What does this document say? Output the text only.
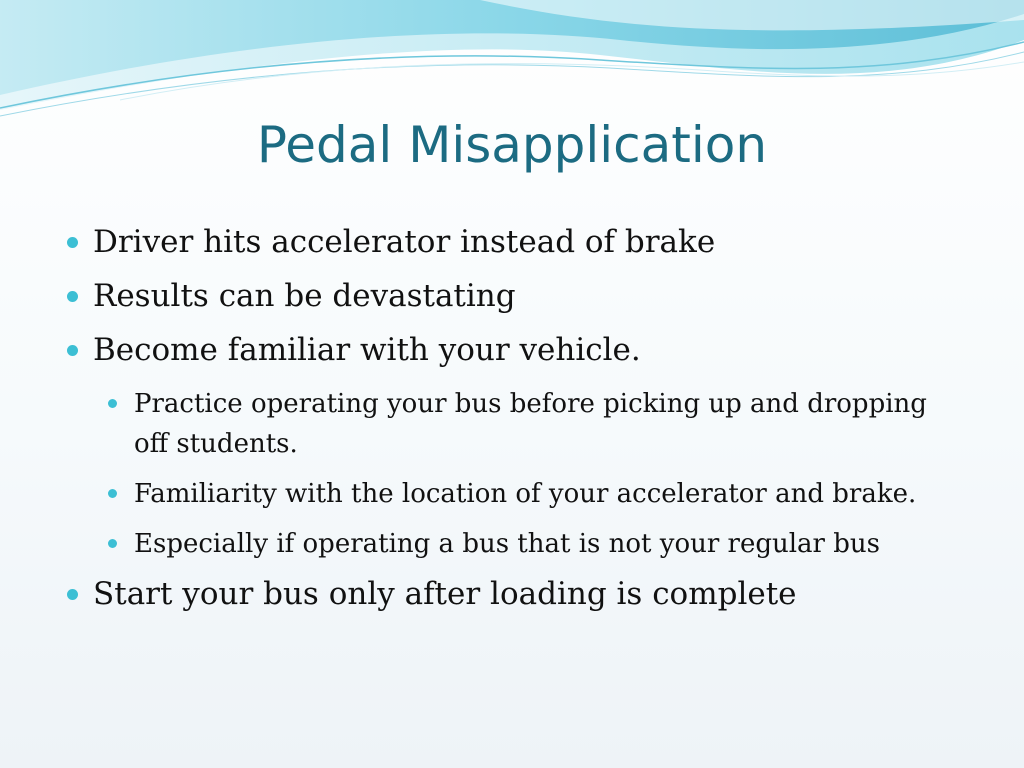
Pedal Misapplication
Driver hits accelerator instead of brake
Results can be devastating
Become familiar with your vehicle.
Practice operating your bus before picking up and dropping off students.
Familiarity with the location of your accelerator and brake.
Especially if operating a bus that is not your regular bus
Start your bus only after loading is complete
